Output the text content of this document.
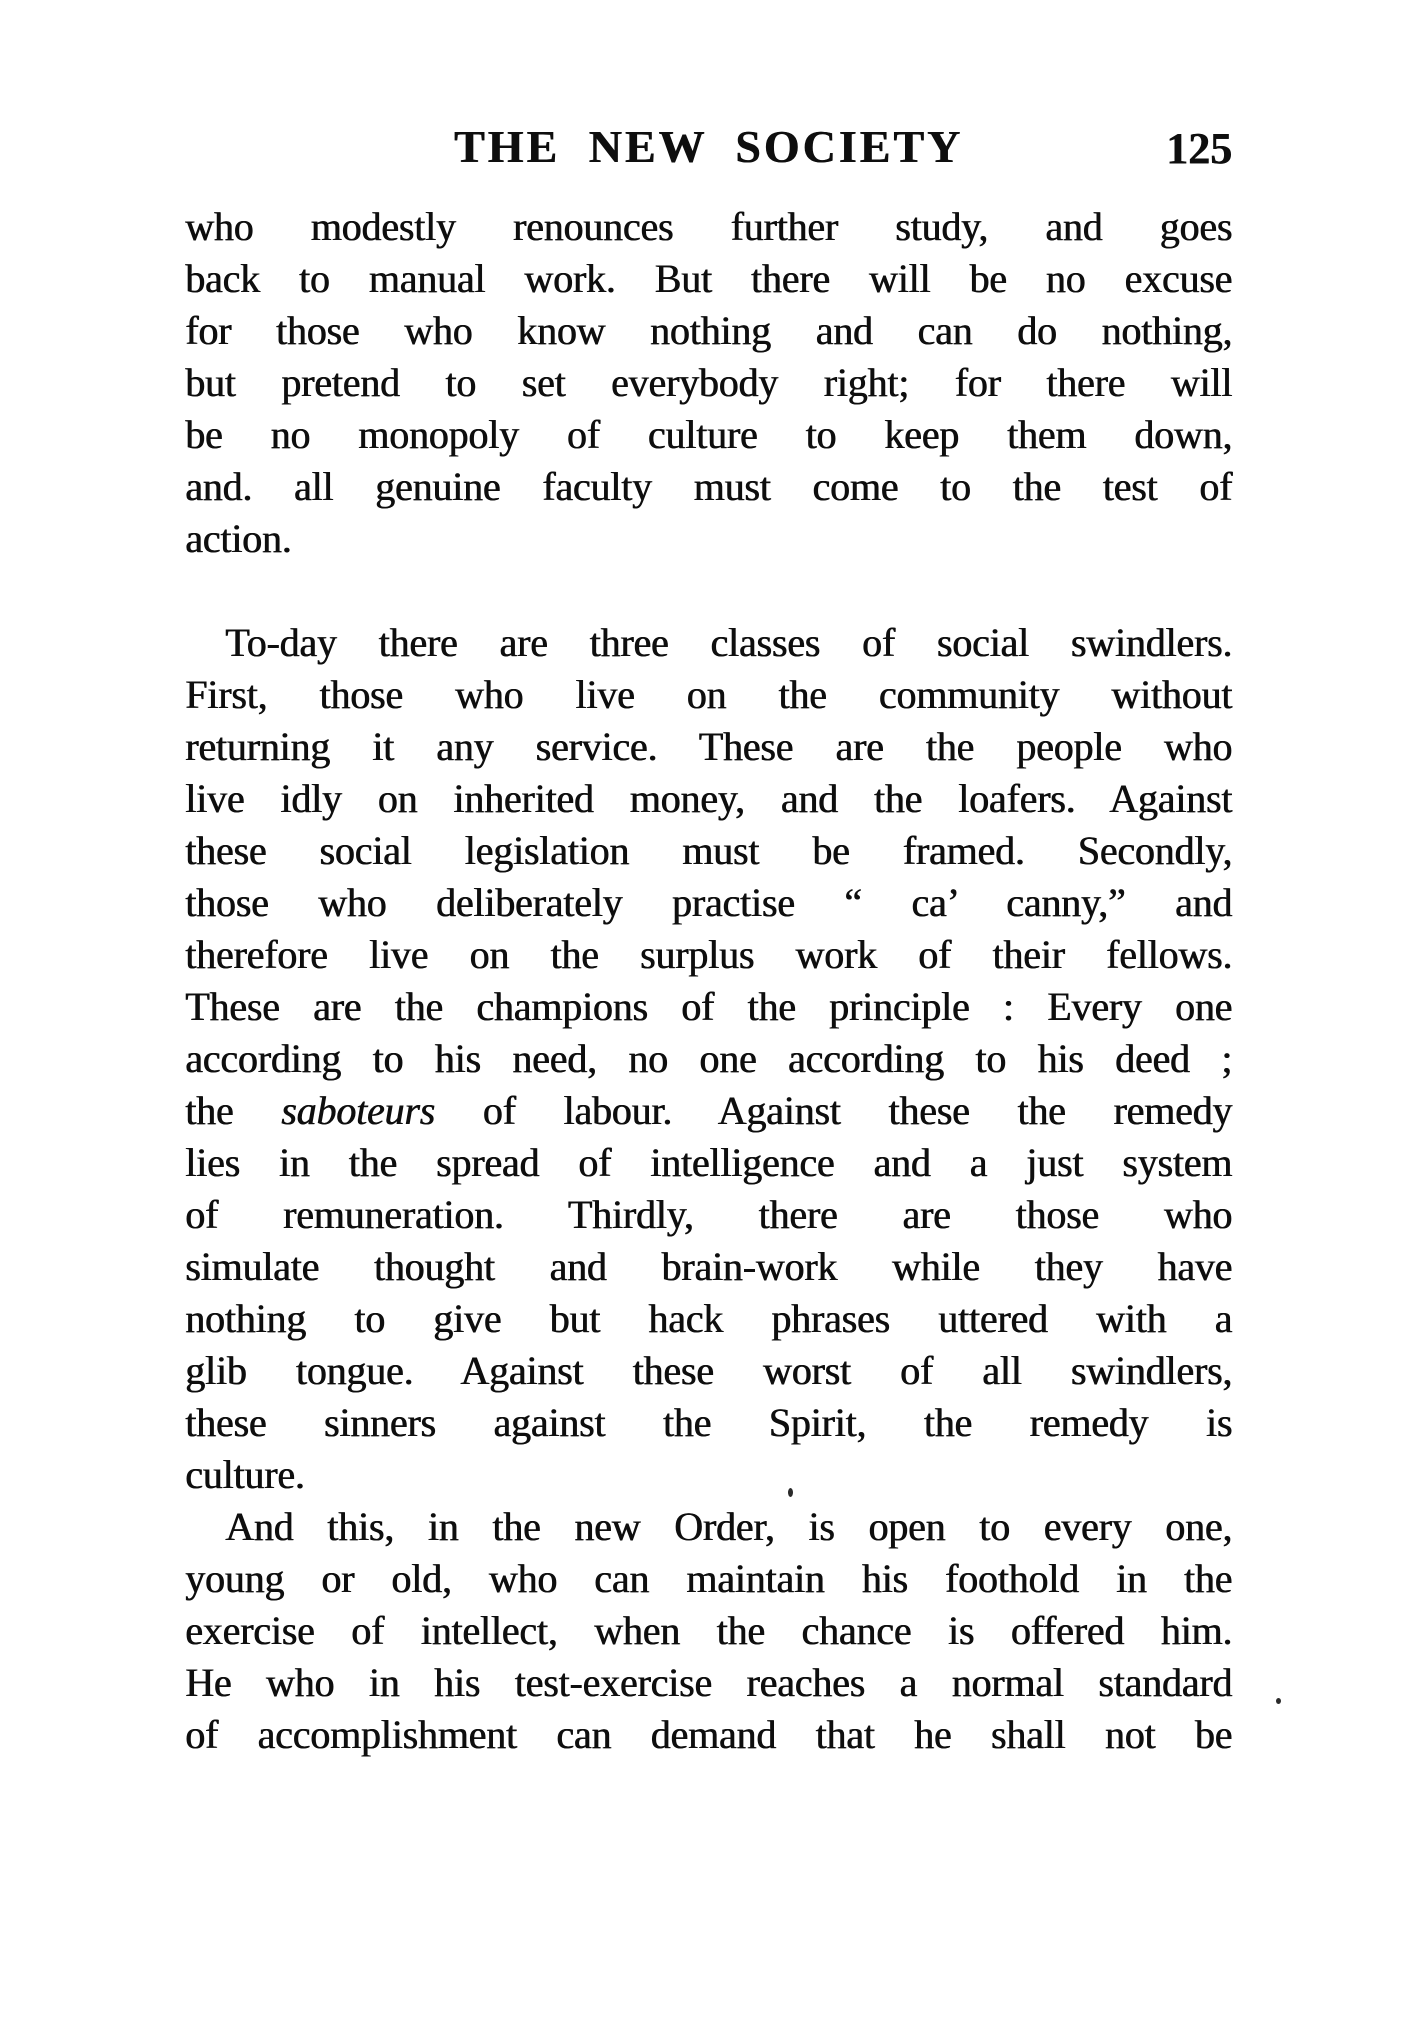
THE NEW SOCIETY	125
who modestly renounces further study, and goes
back to manual work. But there will be no excuse
for those who know nothing and can do nothing,
but pretend to set everybody right; for there will
be no monopoly of culture to keep them down,
and. all genuine faculty must come to the test of
action.
To-day there are three classes of social swindlers.
First, those who live on the community without
returning it any service. These are the people who
live idly on inherited money, and the loafers. Against
these social legislation must be framed. Secondly,
those who deliberately practise “ ca’ canny,” and
therefore live on the surplus work of their fellows.
These are the champions of the principle : Every one
according to his need, no one according to his deed ;
the saboteurs of labour. Against these the remedy
lies in the spread of intelligence and a just system
of remuneration. Thirdly, there are those who
simulate thought and brain-work while they have
nothing to give but hack phrases uttered with a
glib tongue. Against these worst of all swindlers,
these sinners against the Spirit, the remedy is
culture.
And this, in the new Order, is open to every one,
young or old, who can maintain his foothold in the
exercise of intellect, when the chance is offered him.
He who in his test-exercise reaches a normal standard
of accomplishment can demand that he shall not be
